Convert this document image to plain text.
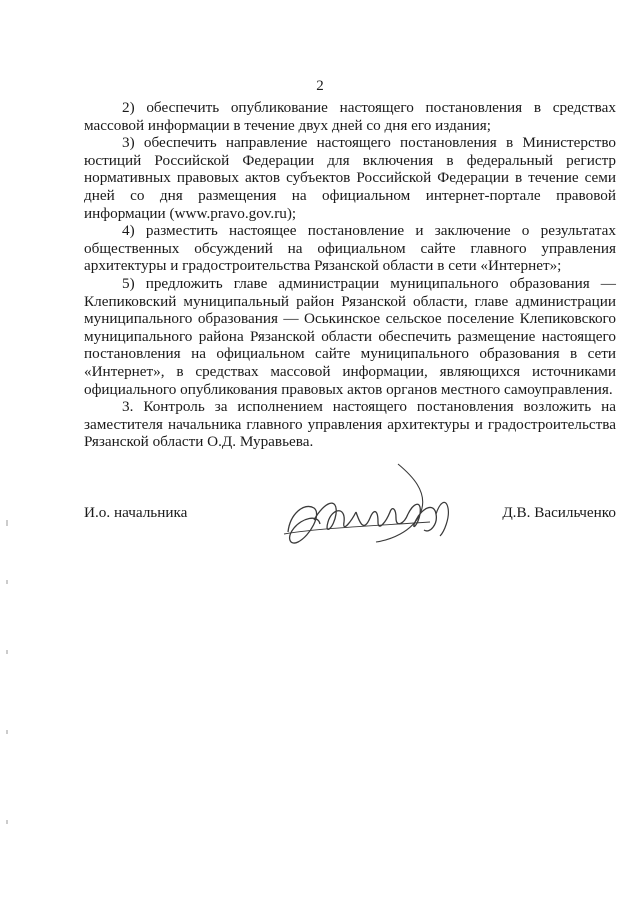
2

2) обеспечить опубликование настоящего постановления в средствах массовой информации в течение двух дней со дня его издания;

3) обеспечить направление настоящего постановления в Министерство юстиций Российской Федерации для включения в федеральный регистр нормативных правовых актов субъектов Российской Федерации в течение семи дней со дня размещения на официальном интернет-портале правовой информации (www.pravo.gov.ru);

4) разместить настоящее постановление и заключение о результатах общественных обсуждений на официальном сайте главного управления архитектуры и градостроительства Рязанской области в сети «Интернет»;

5) предложить главе администрации муниципального образования — Клепиковский муниципальный район Рязанской области, главе администрации муниципального образования — Оськинское сельское поселение Клепиковского муниципального района Рязанской области обеспечить размещение настоящего постановления на официальном сайте муниципального образования в сети «Интернет», в средствах массовой информации, являющихся источниками официального опубликования правовых актов органов местного самоуправления.

3. Контроль за исполнением настоящего постановления возложить на заместителя начальника главного управления архитектуры и градостроительства Рязанской области О.Д. Муравьева.

И.о. начальника	Д.В. Васильченко
